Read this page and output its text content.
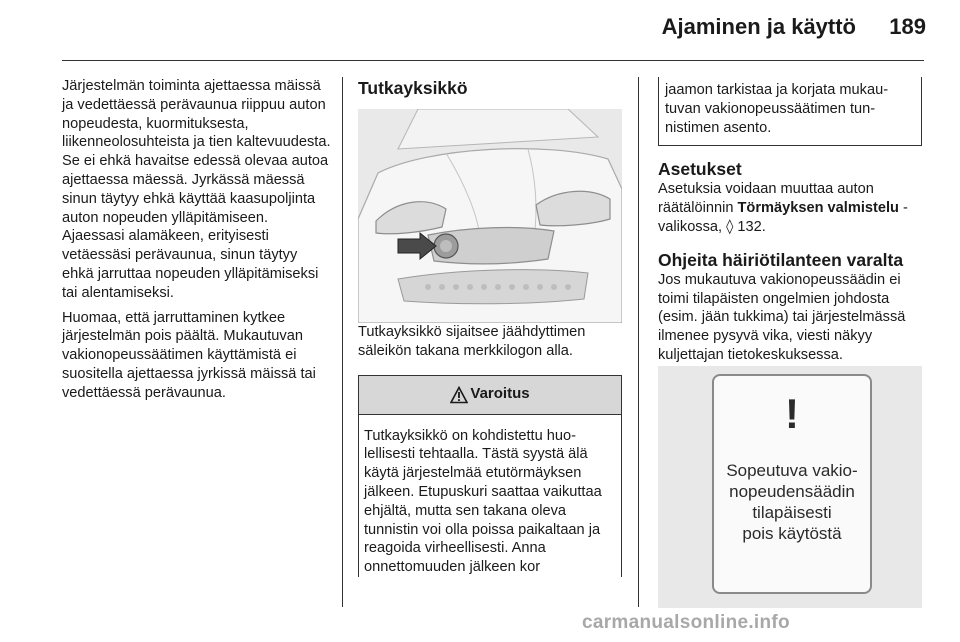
Ajaminen ja käyttö	189

Järjestelmän toiminta ajettaessa mäissä ja vedettäessä perävaunua riippuu auton nopeudesta, kuormituksesta, liikenneolosuhteista ja tien kaltevuudesta. Se ei ehkä havaitse edessä olevaa autoa ajettaessa mäessä. Jyrkässä mäessä sinun täytyy ehkä käyttää kaasupoljinta auton nopeuden ylläpitämiseen. Ajaessasi alamäkeen, erityisesti vetäessäsi perävaunua, sinun täytyy ehkä jarruttaa nopeuden ylläpitämiseksi tai alentamiseksi.

Huomaa, että jarruttaminen kytkee järjestelmän pois päältä. Mukautuvan vakionopeussäätimen käyttämistä ei suositella ajettaessa jyrkissä mäissä tai vedettäessä perävaunua.

Tutkayksikkö

Tutkayksikkö sijaitsee jäähdyttimen säleikön takana merkkilogon alla.

Varoitus
Tutkayksikkö on kohdistettu huolellisesti tehtaalla. Tästä syystä älä käytä järjestelmää etutörmäyksen jälkeen. Etupuskuri saattaa vaikuttaa ehjältä, mutta sen takana oleva tunnistin voi olla poissa paikaltaan ja reagoida virheellisesti. Anna onnettomuuden jälkeen kor
jaamon tarkistaa ja korjata mukautuvan vakionopeussäätimen tunnistimen asento.
Asetukset

Asetuksia voidaan muuttaa auton räätälöinnin Törmäyksen valmistelu -valikossa, ◊ 132.

Ohjeita häiriötilanteen varalta

Jos mukautuva vakionopeussäädin ei toimi tilapäisten ongelmien johdosta (esim. jään tukkima) tai järjestelmässä ilmenee pysyvä vika, viesti näkyy kuljettajan tietokeskuksessa.

!
Sopeutuva vakio-
nopeudensäädin
tilapäisesti
pois käytöstä
carmanualsonline.info
